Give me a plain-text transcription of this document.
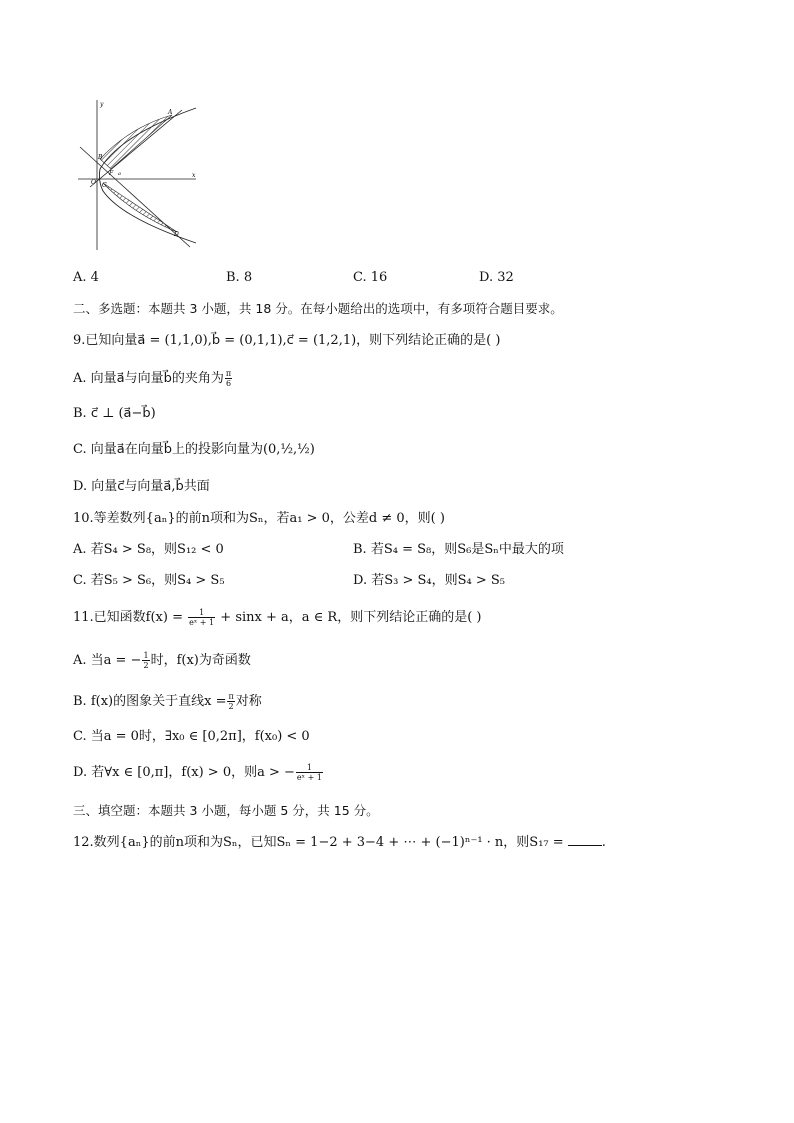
y
x
A
B
O
F a
C
D
A. 4	B. 8	C. 16	D. 32
二、多选题：本题共 3 小题，共 18 分。在每小题给出的选项中，有多项符合题目要求。
9.已知向量a⃗ = (1,1,0),b⃗ = (0,1,1),c⃗ = (1,2,1)，则下列结论正确的是( )
A. 向量a⃗与向量b⃗的夹角为 $\frac{\pi}{6}$
B. c⃗ ⊥ (a⃗−b⃗)
C. 向量a⃗在向量b⃗上的投影向量为(0,½,½)
D. 向量c⃗与向量a⃗,b⃗共面
10.等差数列{aₙ}的前n项和为Sₙ，若a₁ > 0，公差d ≠ 0，则( )
A. 若S₄ > S₈，则S₁₂ < 0	B. 若S₄ = S₈，则S₆是Sₙ中最大的项
C. 若S₅ > S₆，则S₄ > S₅	D. 若S₃ > S₄，则S₄ > S₅
11.已知函数$f(x) = \frac{1}{\text{eˣ + 1}} + \sin x + a$，a ∈ R，则下列结论正确的是( )
A. 当a = − $\frac{1}{2}$ 时，f(x)为奇函数
B. f(x)的图象关于直线$x = \frac{\pi}{2}$ 对称
C. 当a = 0时，∃x₀ ∈ [0,2π]，f(x₀) < 0
D. 若∀x ∈ [0,π]，f(x) > 0，则a > − $\frac{1}{\text{eˣ + 1}}$
三、填空题：本题共 3 小题，每小题 5 分，共 15 分。
12.数列{aₙ}的前n项和为Sₙ，已知Sₙ = 1−2 + 3−4 + ⋯ + (−1)ⁿ⁻¹ · n，则S₁₇ =	.
